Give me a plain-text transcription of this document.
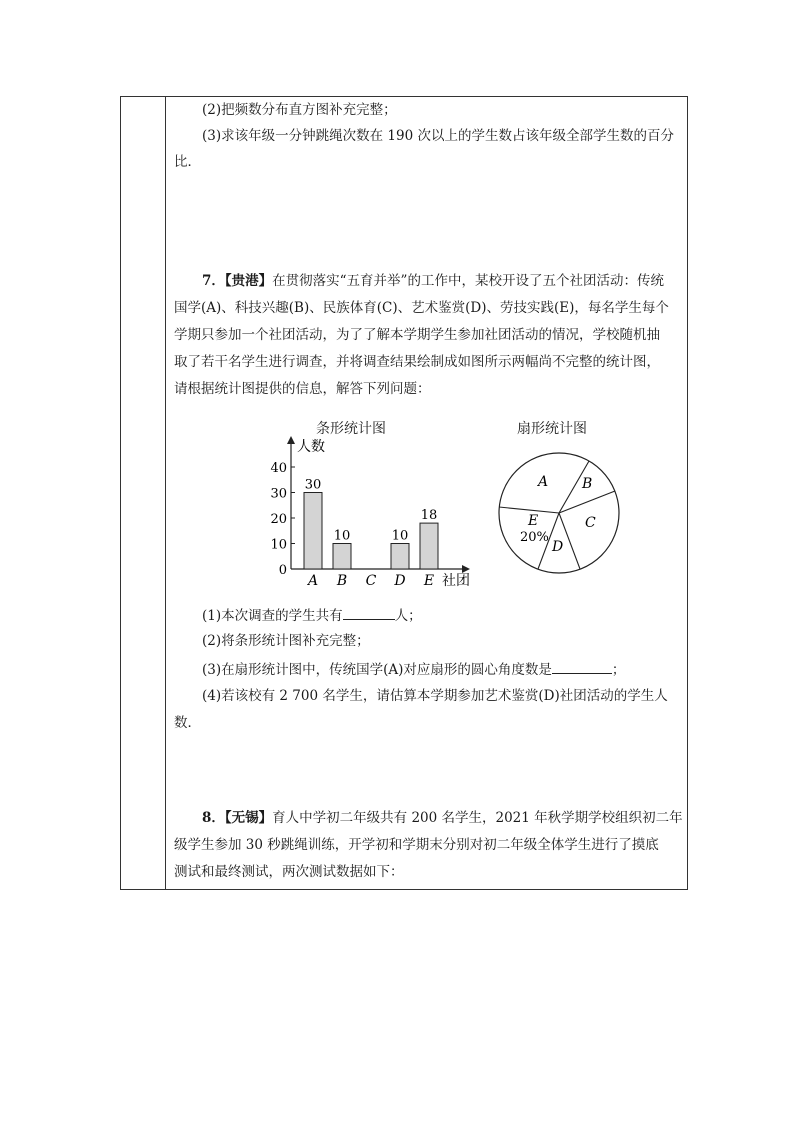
(2)把频数分布直方图补充完整；
(3)求该年级一分钟跳绳次数在 190 次以上的学生数占该年级全部学生数的百分
比．
7．【贵港】在贯彻落实“五育并举”的工作中，某校开设了五个社团活动：传统
国学(A)、科技兴趣(B)、民族体育(C)、艺术鉴赏(D)、劳技实践(E)，每名学生每个
学期只参加一个社团活动，为了了解本学期学生参加社团活动的情况，学校随机抽
取了若干名学生进行调查，并将调查结果绘制成如图所示两幅尚不完整的统计图，
请根据统计图提供的信息，解答下列问题：
条形统计图
0
10
20
30
40
人数
社团
30
A
10
B C
10
D
18
E
扇形统计图
A B
C
D
E
20%
(1)本次调查的学生共有	人；
(2)将条形统计图补充完整；
(3)在扇形统计图中，传统国学(A)对应扇形的圆心角度数是	；
(4)若该校有 2 700 名学生，请估算本学期参加艺术鉴赏(D)社团活动的学生人
数．
8．【无锡】育人中学初二年级共有 200 名学生，2021 年秋学期学校组织初二年
级学生参加 30 秒跳绳训练，开学初和学期末分别对初二年级全体学生进行了摸底
测试和最终测试，两次测试数据如下：
